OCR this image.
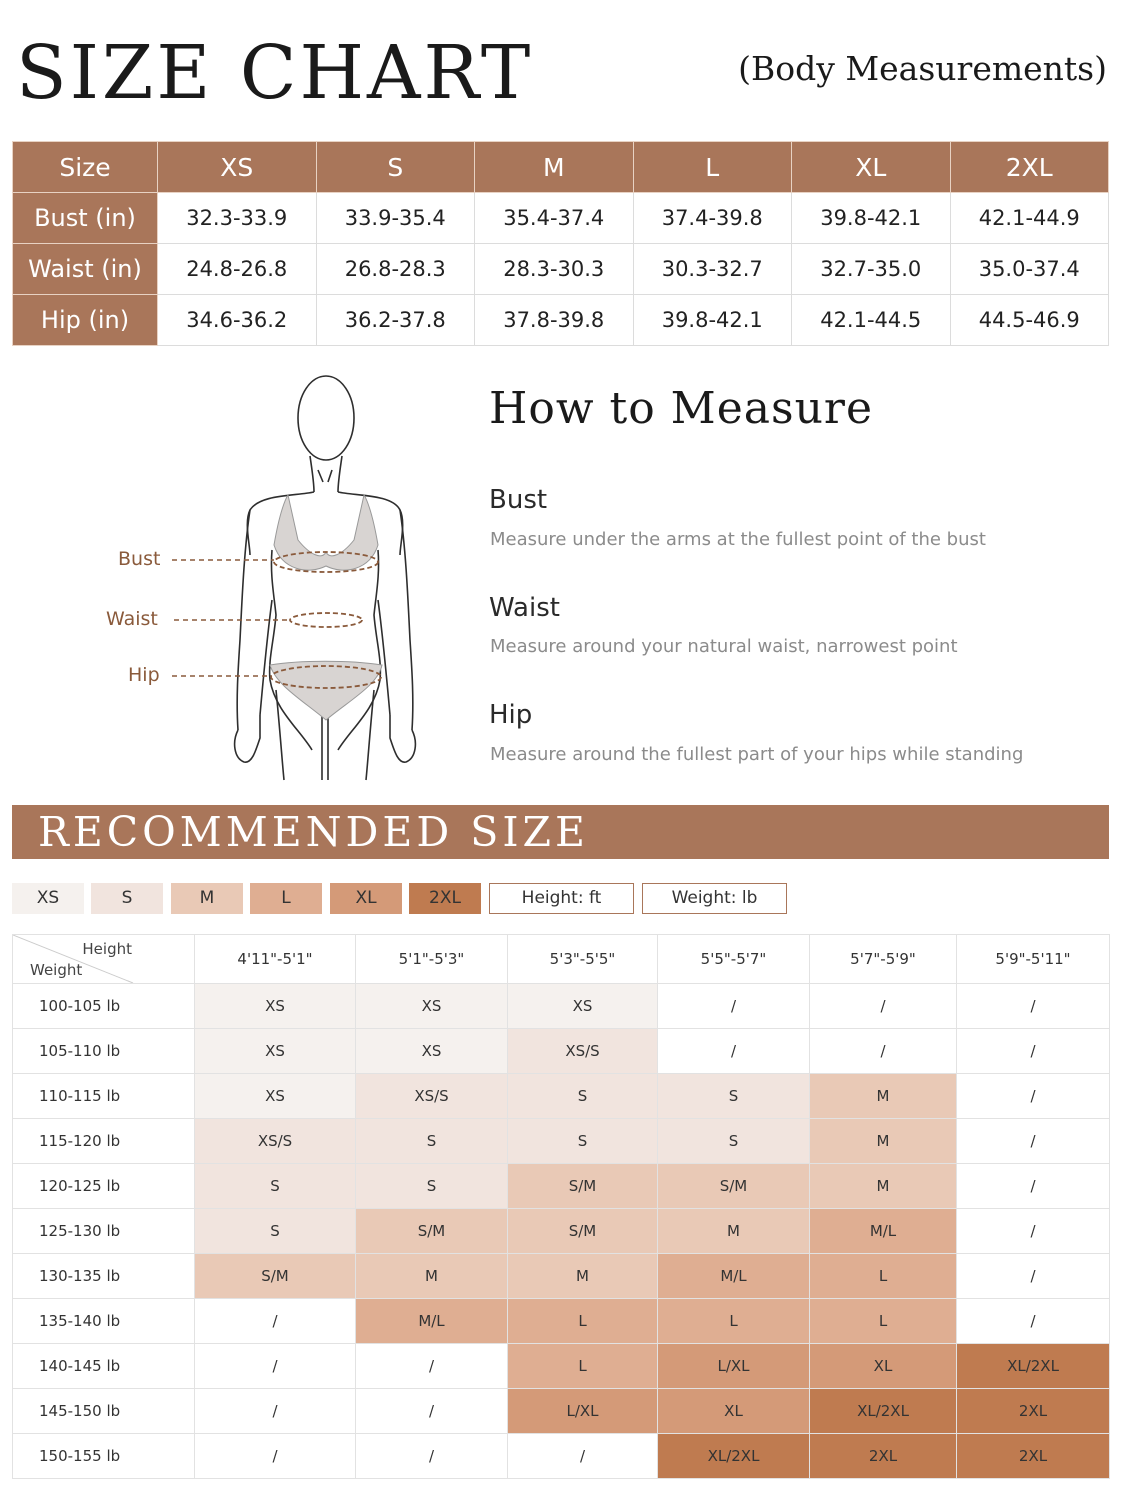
SIZE CHART	(Body Measurements)
Size	XS	S	M	L	XL	2XL
Bust (in)	32.3-33.9	33.9-35.4	35.4-37.4	37.4-39.8	39.8-42.1	42.1-44.9
Waist (in)	24.8-26.8	26.8-28.3	28.3-30.3	30.3-32.7	32.7-35.0	35.0-37.4
Hip (in)	34.6-36.2	36.2-37.8	37.8-39.8	39.8-42.1	42.1-44.5	44.5-46.9
Bust
Waist
Hip
How to Measure
Bust

Measure under the arms at the fullest point of the bust

Waist

Measure around your natural waist, narrowest point

Hip

Measure around the fullest part of your hips while standing

RECOMMENDED SIZE
XS	S	M	L	XL	2XL	Height: ft	Weight: lb
Height
Weight	4'11"-5'1"	5'1"-5'3"	5'3"-5'5"	5'5"-5'7"	5'7"-5'9"	5'9"-5'11"
100-105 lb	XS	XS	XS	/	/	/
105-110 lb	XS	XS	XS/S	/	/	/
110-115 lb	XS	XS/S	S	S	M	/
115-120 lb	XS/S	S	S	S	M	/
120-125 lb	S	S	S/M	S/M	M	/
125-130 lb	S	S/M	S/M	M	M/L	/
130-135 lb	S/M	M	M	M/L	L	/
135-140 lb	/	M/L	L	L	L	/
140-145 lb	/	/	L	L/XL	XL	XL/2XL
145-150 lb	/	/	L/XL	XL	XL/2XL	2XL
150-155 lb	/	/	/	XL/2XL	2XL	2XL
